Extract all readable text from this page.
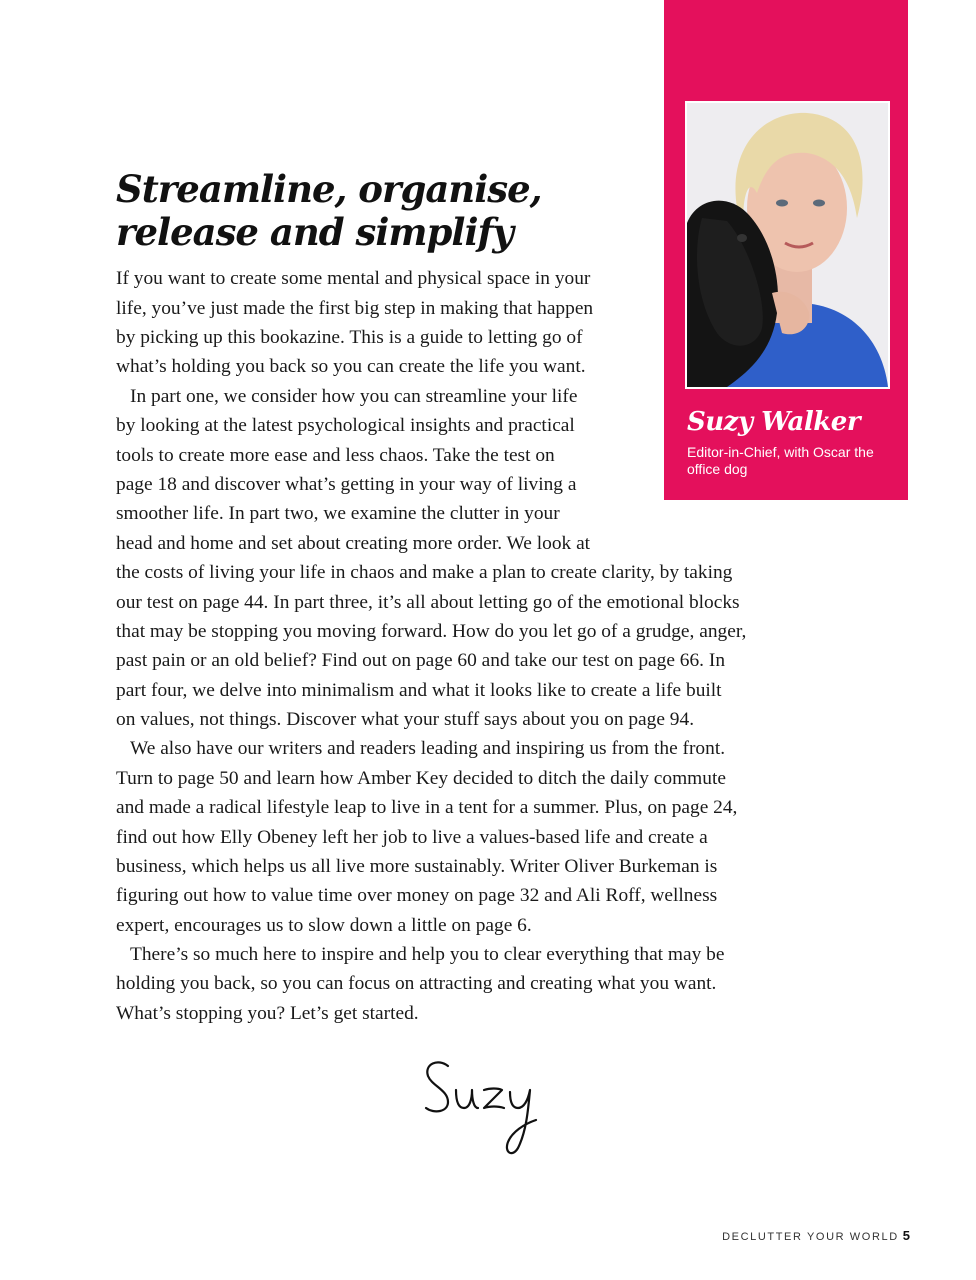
EDITOR’S LETTER
Suzy Walker
Editor-in-Chief, with Oscar the office dog
Streamline, organise,
release and simplify
If you want to create some mental and physical space in your
life, you’ve just made the first big step in making that happen
by picking up this bookazine. This is a guide to letting go of
what’s holding you back so you can create the life you want.
In part one, we consider how you can streamline your life
by looking at the latest psychological insights and practical
tools to create more ease and less chaos. Take the test on
page 18 and discover what’s getting in your way of living a
smoother life. In part two, we examine the clutter in your
head and home and set about creating more order. We look at
the costs of living your life in chaos and make a plan to create clarity, by taking
our test on page 44. In part three, it’s all about letting go of the emotional blocks
that may be stopping you moving forward. How do you let go of a grudge, anger,
past pain or an old belief? Find out on page 60 and take our test on page 66. In
part four, we delve into minimalism and what it looks like to create a life built
on values, not things. Discover what your stuff says about you on page 94.
We also have our writers and readers leading and inspiring us from the front.
Turn to page 50 and learn how Amber Key decided to ditch the daily commute
and made a radical lifestyle leap to live in a tent for a summer. Plus, on page 24,
find out how Elly Obeney left her job to live a values-based life and create a
business, which helps us all live more sustainably. Writer Oliver Burkeman is
figuring out how to value time over money on page 32 and Ali Roff, wellness
expert, encourages us to slow down a little on page 6.
There’s so much here to inspire and help you to clear everything that may be
holding you back, so you can focus on attracting and creating what you want.
What’s stopping you? Let’s get started.
DECLUTTER YOUR WORLD 5
